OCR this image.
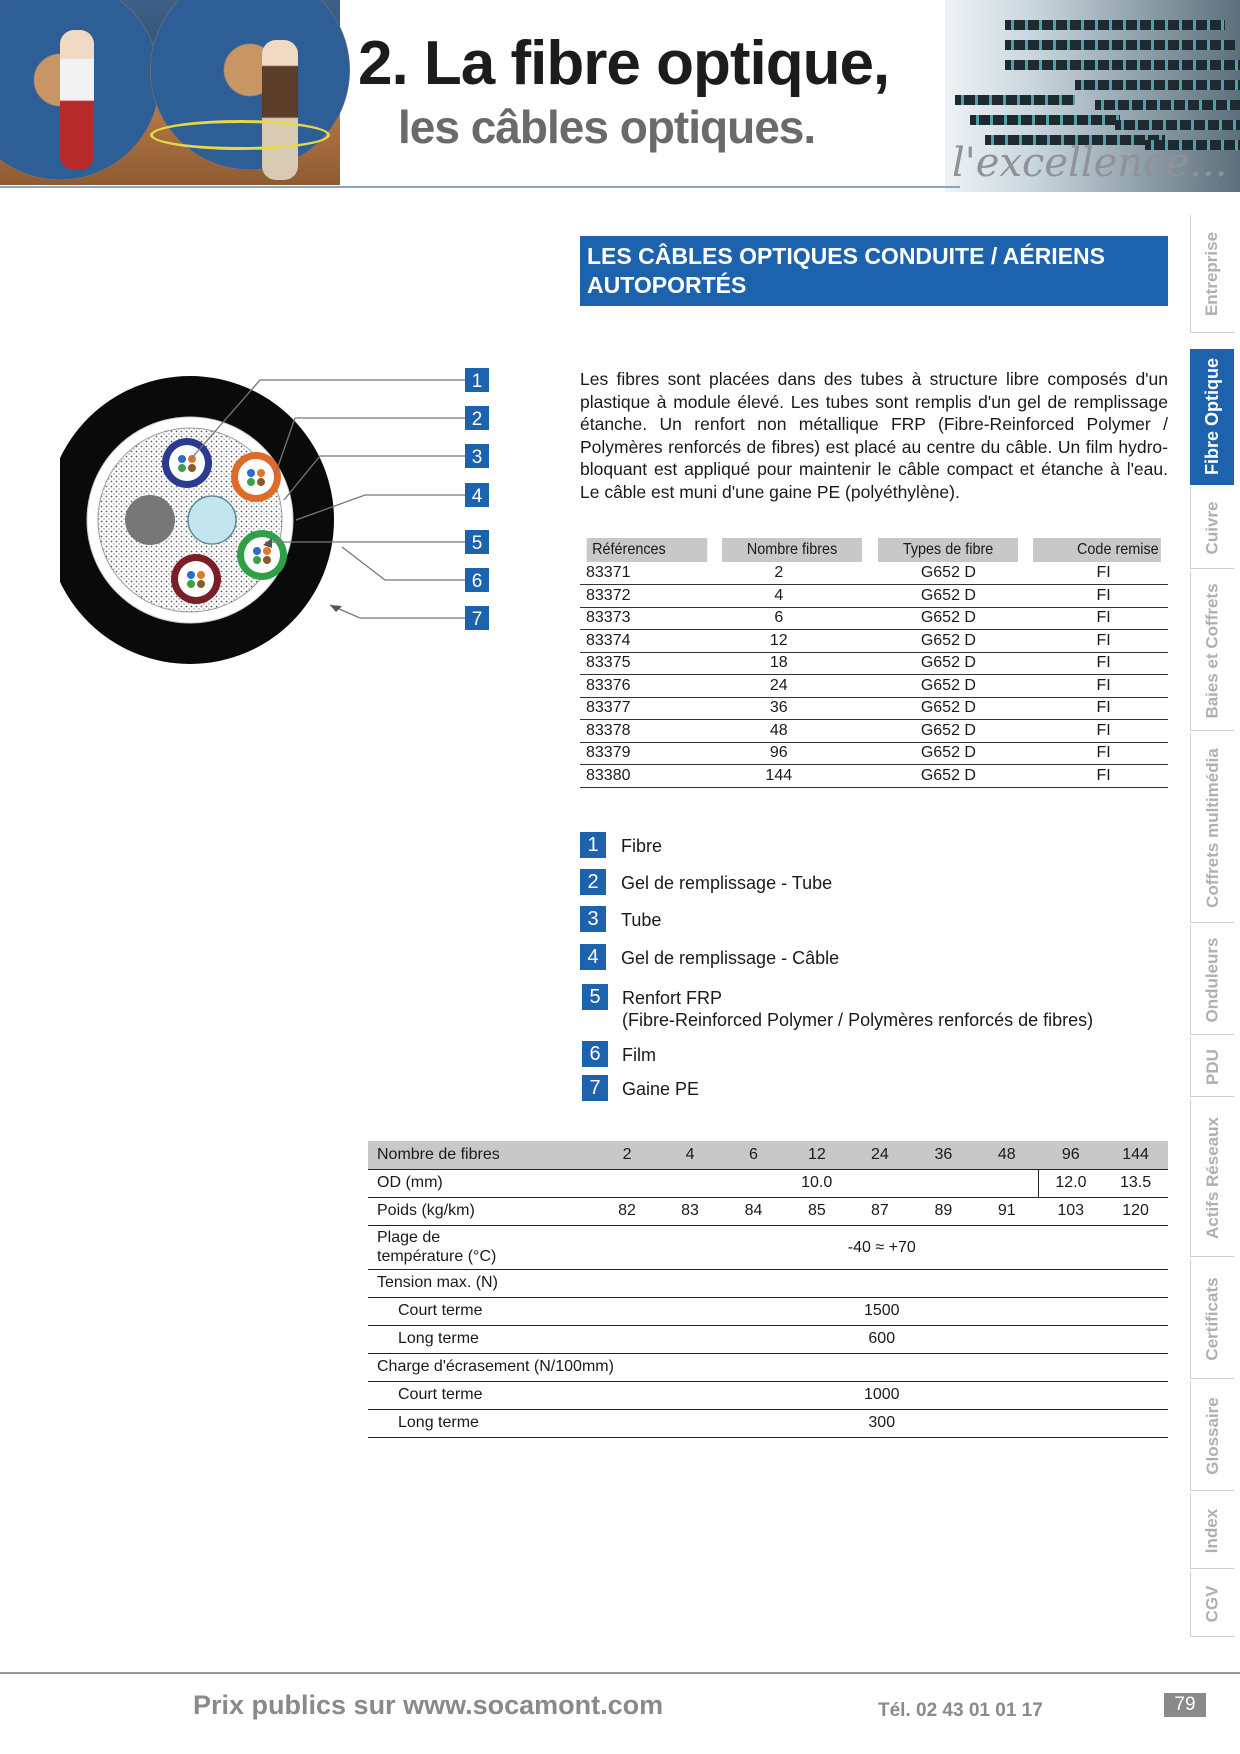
2. La fibre optique,
les câbles optiques.
l'excellence...
Entreprise
Fibre Optique
Cuivre
Baies et Coffrets
Coffrets multimédia
Onduleurs
PDU
Actifs Réseaux
Certificats
Glossaire
Index
CGV
LES CÂBLES OPTIQUES CONDUITE / AÉRIENS
AUTOPORTÉS
1
2
3
4
5
6
7
Les fibres sont placées dans des tubes à structure libre composés d'un plastique à module élevé. Les tubes sont remplis d'un gel de remplissage étanche. Un renfort non métallique FRP (Fibre-Reinforced Polymer / Polymères renforcés de fibres) est placé au centre du câble. Un film hydro-bloquant est appliqué pour maintenir le câble compact et étanche à l'eau. Le câble est muni d'une gaine PE (polyéthylène).
Références	Nombre fibres	Types de fibre	Code remise
83371	2	G652 D	FI
83372	4	G652 D	FI
83373	6	G652 D	FI
83374	12	G652 D	FI
83375	18	G652 D	FI
83376	24	G652 D	FI
83377	36	G652 D	FI
83378	48	G652 D	FI
83379	96	G652 D	FI
83380	144	G652 D	FI
1	Fibre
2	Gel de remplissage - Tube
3	Tube
4	Gel de remplissage - Câble
5	Renfort FRP
(Fibre-Reinforced Polymer / Polymères renforcés de fibres)
6	Film
7	Gaine PE
Nombre de fibres	2	4	6	12	24	36	48	96	144
OD (mm)	10.0							12.0	13.5
Poids (kg/km)	82	83	84	85	87	89	91	103	120

Plage de
température (°C)	-40 ≈ +70								
Tension max. (N)									
Court terme	1500								
Long terme	600								
Charge d'écrasement (N/100mm)									
Court terme	1000								
Long terme	300								
Prix publics sur www.socamont.com	Tél. 02 43 01 01 17	79
